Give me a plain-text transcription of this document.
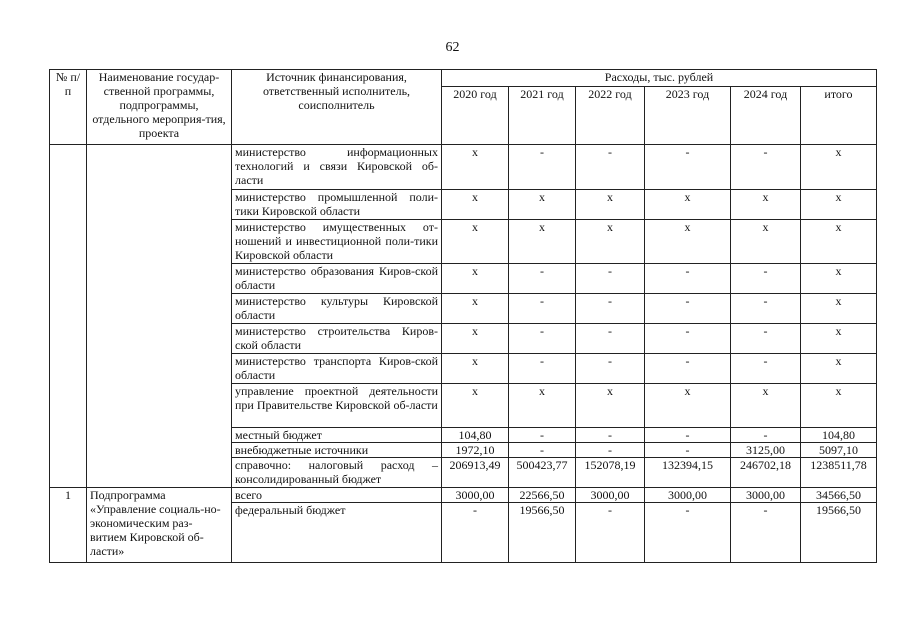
62
№ п/п	Наименование государ-ственной программы, подпрограммы, отдельного мероприя-тия, проекта	Источник финансирования, ответственный исполнитель, соисполнитель	Расходы, тыс. рублей					
			2020 год	2021 год	2022 год	2023 год	2024 год	итого
		министерство информационных технологий и связи Кировской об-ласти	x	-	-	-	-	x
		министерство промышленной поли-тики Кировской области	x	x	x	x	x	x
		министерство имущественных от-ношений и инвестиционной поли-тики Кировской области	x	x	x	x	x	x
		министерство образования Киров-ской области	x	-	-	-	-	x
		министерство культуры Кировской области	x	-	-	-	-	x
		министерство строительства Киров-ской области	x	-	-	-	-	x
		министерство транспорта Киров-ской области	x	-	-	-	-	x
		управление проектной деятельности при Правительстве Кировской об-ласти	x	x	x	x	x	x
		местный бюджет	104,80	-	-	-	-	104,80
		внебюджетные источники	1972,10	-	-	-	3125,00	5097,10
		справочно: налоговый расход – консолидированный бюджет	206913,49	500423,77	152078,19	132394,15	246702,18	1238511,78
1	Подпрограмма «Управление социаль-но-экономическим раз-витием Кировской об-ласти»	всего	3000,00	22566,50	3000,00	3000,00	3000,00	34566,50
		федеральный бюджет	-	19566,50	-	-	-	19566,50
